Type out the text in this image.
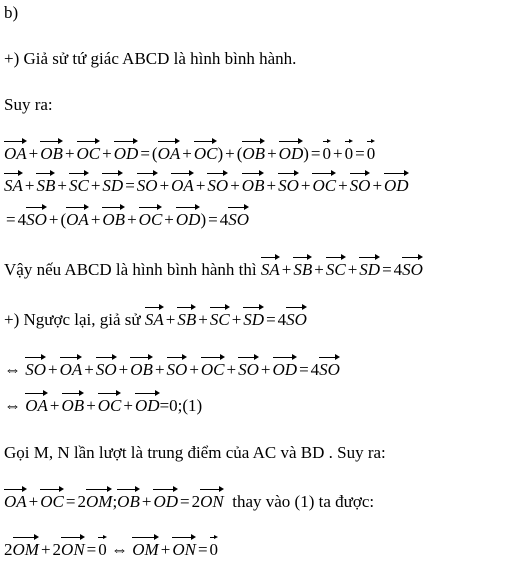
b)
+) Giả sử tứ giác ABCD là hình bình hành.
Suy ra:
OA + OB + OC + OD = (OA + OC) + (OB + OD) = 0 + 0 = 0
SA + SB + SC + SD = SO + OA + SO + OB + SO + OC + SO + OD
= 4SO + (OA + OB + OC + OD) = 4SO
Vậy nếu ABCD là hình bình hành thì SA + SB + SC + SD = 4SO
+) Ngược lại, giả sử SA + SB + SC + SD = 4SO
⇔ SO + OA + SO + OB + SO + OC + SO + OD = 4SO
⇔ OA + OB + OC + OD=0;(1)
Gọi M, N lần lượt là trung điểm của AC và BD . Suy ra:
OA + OC = 2OM;OB + OD = 2ON thay vào (1) ta được:
2OM + 2ON = 0 ⇔ OM + ON = 0
